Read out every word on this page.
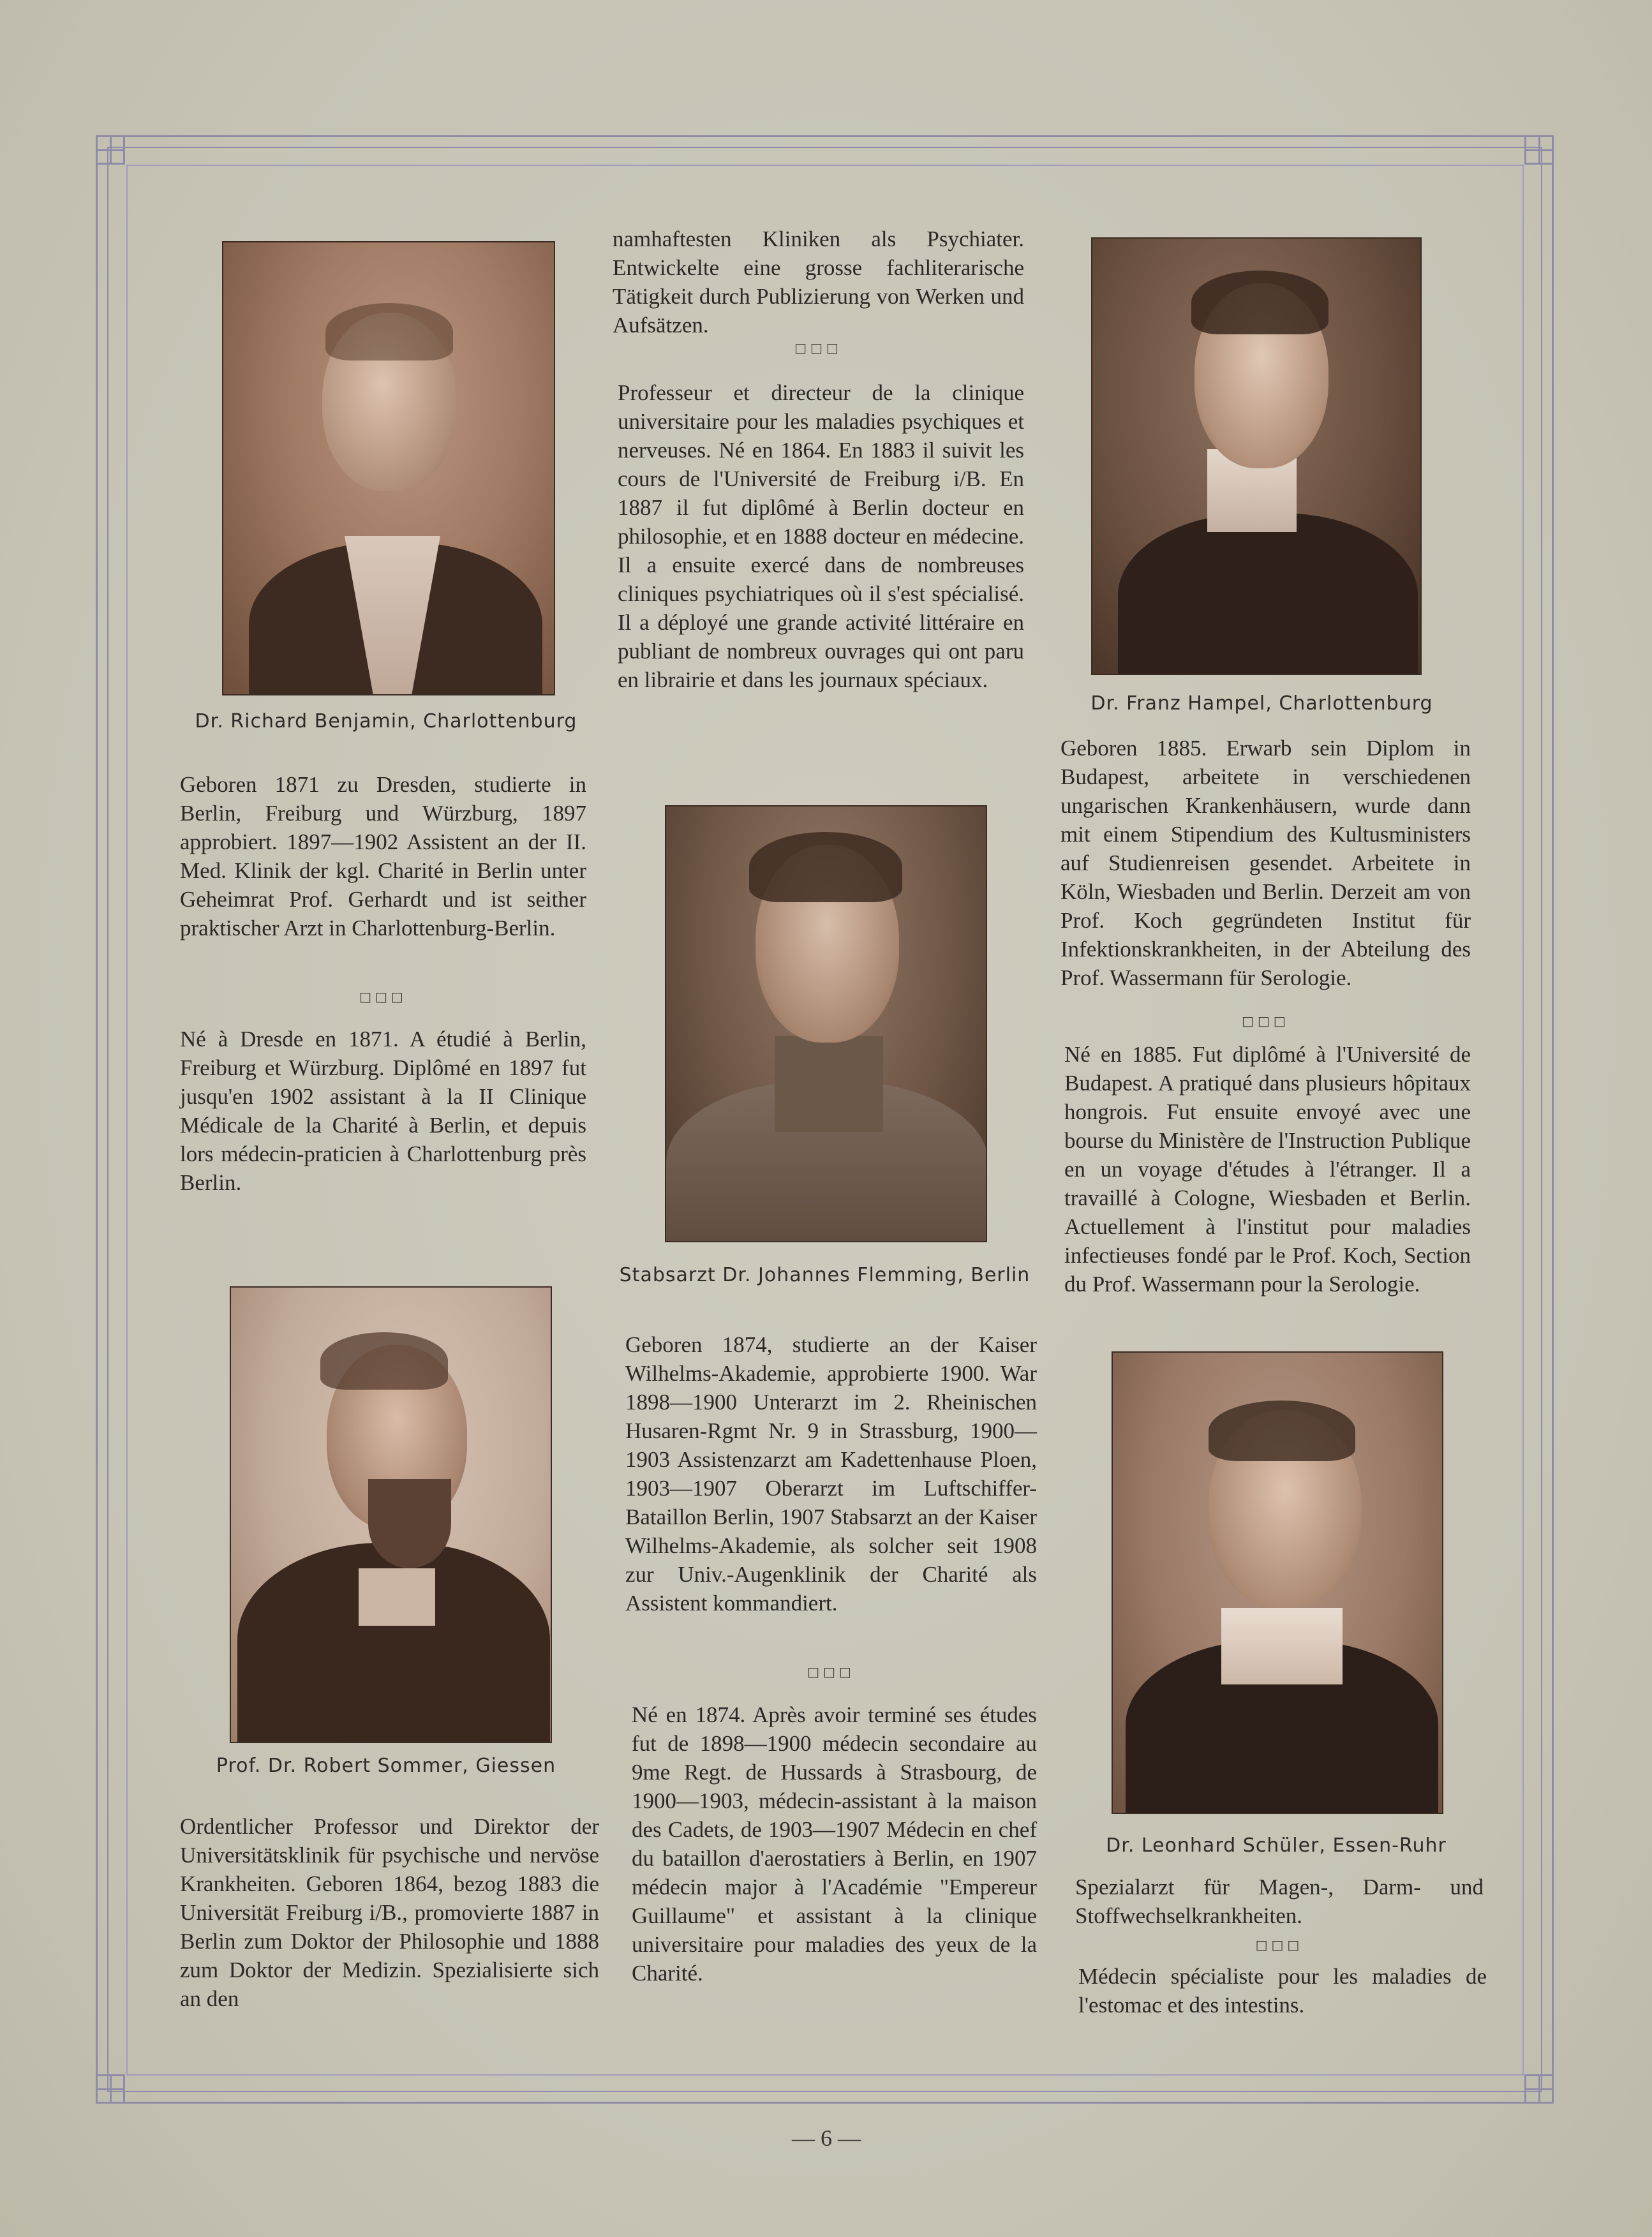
Dr. Richard Benjamin, Charlottenburg
Geboren 1871 zu Dresden, studierte in Berlin, Freiburg und Würzburg, 1897 approbiert. 1897—1902 Assistent an der II. Med. Klinik der kgl. Charité in Berlin unter Geheimrat Prof. Gerhardt und ist seither praktischer Arzt in Charlottenburg-Berlin.
□□□
Né à Dresde en 1871. A étudié à Berlin, Freiburg et Würzburg. Diplômé en 1897 fut jusqu'en 1902 assistant à la II Clinique Médicale de la Charité à Berlin, et depuis lors médecin-praticien à Charlottenburg près Berlin.
Prof. Dr. Robert Sommer, Giessen
Ordentlicher Professor und Direktor der Universitätsklinik für psychische und nervöse Krankheiten. Geboren 1864, bezog 1883 die Universität Freiburg i/B., promovierte 1887 in Berlin zum Doktor der Philosophie und 1888 zum Doktor der Medizin. Spezialisierte sich an den
namhaftesten Kliniken als Psychiater. Entwickelte eine grosse fachliterarische Tätigkeit durch Publizierung von Werken und Aufsätzen.
□□□
Professeur et directeur de la clinique universitaire pour les maladies psychiques et nerveuses. Né en 1864. En 1883 il suivit les cours de l'Université de Freiburg i/B. En 1887 il fut diplômé à Berlin docteur en philosophie, et en 1888 docteur en médecine. Il a ensuite exercé dans de nombreuses cliniques psychiatriques où il s'est spécialisé. Il a déployé une grande activité littéraire en publiant de nombreux ouvrages qui ont paru en librairie et dans les journaux spéciaux.
Stabsarzt Dr. Johannes Flemming, Berlin
Geboren 1874, studierte an der Kaiser Wilhelms-Akademie, approbierte 1900. War 1898—1900 Unterarzt im 2. Rheinischen Husaren-Rgmt Nr. 9 in Strassburg, 1900—1903 Assistenzarzt am Kadettenhause Ploen, 1903—1907 Oberarzt im Luftschiffer-Bataillon Berlin, 1907 Stabsarzt an der Kaiser Wilhelms-Akademie, als solcher seit 1908 zur Univ.-Augenklinik der Charité als Assistent kommandiert.
□□□
Né en 1874. Après avoir terminé ses études fut de 1898—1900 médecin secondaire au 9me Regt. de Hussards à Strasbourg, de 1900—1903, médecin-assistant à la maison des Cadets, de 1903—1907 Médecin en chef du bataillon d'aerostatiers à Berlin, en 1907 médecin major à l'Académie "Empereur Guillaume" et assistant à la clinique universitaire pour maladies des yeux de la Charité.
Dr. Franz Hampel, Charlottenburg
Geboren 1885. Erwarb sein Diplom in Budapest, arbeitete in verschiedenen ungarischen Krankenhäusern, wurde dann mit einem Stipendium des Kultusministers auf Studienreisen gesendet. Arbeitete in Köln, Wiesbaden und Berlin. Derzeit am von Prof. Koch gegründeten Institut für Infektionskrankheiten, in der Abteilung des Prof. Wassermann für Serologie.
□□□
Né en 1885. Fut diplômé à l'Université de Budapest. A pratiqué dans plusieurs hôpitaux hongrois. Fut ensuite envoyé avec une bourse du Ministère de l'Instruction Publique en un voyage d'études à l'étranger. Il a travaillé à Cologne, Wiesbaden et Berlin. Actuellement à l'institut pour maladies infectieuses fondé par le Prof. Koch, Section du Prof. Wassermann pour la Serologie.
Dr. Leonhard Schüler, Essen-Ruhr
Spezialarzt für Magen-, Darm- und Stoffwechselkrankheiten.
□□□
Médecin spécialiste pour les maladies de l'estomac et des intestins.
— 6 —
